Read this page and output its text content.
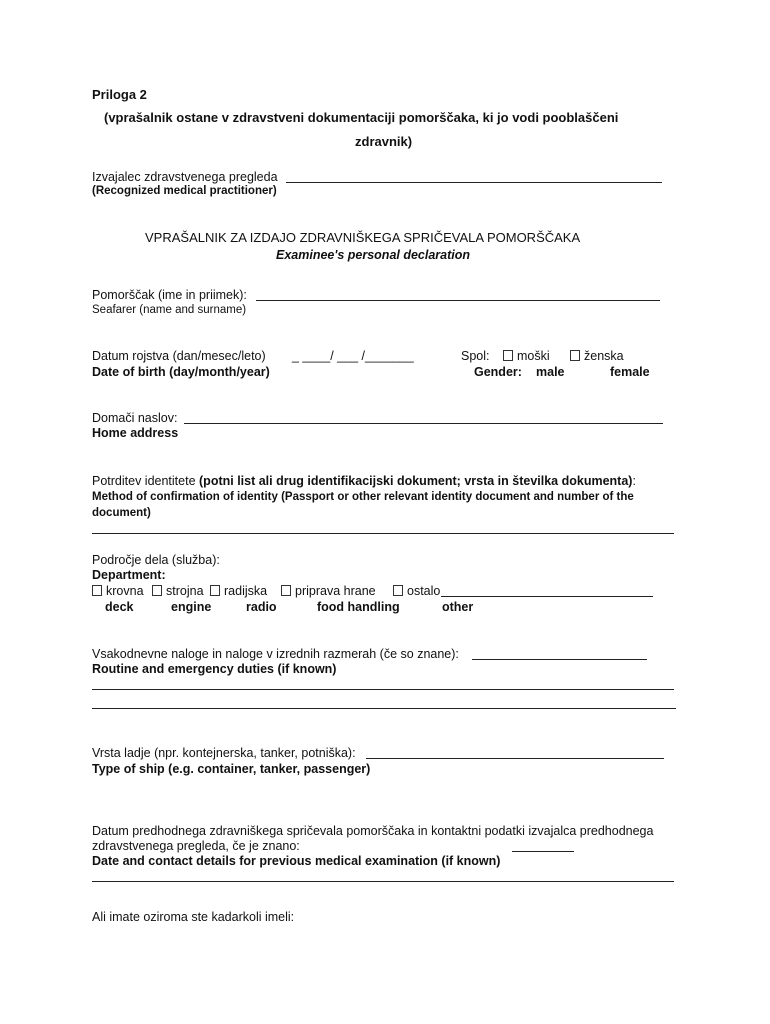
Priloga 2
(vprašalnik ostane v zdravstveni dokumentaciji pomorščaka, ki jo vodi pooblaščeni
zdravnik)
Izvajalec zdravstvenega pregleda
(Recognized medical practitioner)
VPRAŠALNIK ZA IZDAJO ZDRAVNIŠKEGA SPRIČEVALA POMORŠČAKA
Examinee's personal declaration
Pomorščak (ime in priimek):
Seafarer (name and surname)
Datum rojstva (dan/mesec/leto) _ ____/ ___ /_______	Spol:	moški	ženska
Date of birth (day/month/year)	Gender: male	female
Domači naslov:
Home address
Potrditev identitete (potni list ali drug identifikacijski dokument; vrsta in številka dokumenta):
Method of confirmation of identity (Passport or other relevant identity document and number of the
document)
Področje dela (služba):
Department:
krovna	strojna	radijska	priprava hrane	ostalo
deck	engine	radio	food handling	other
Vsakodnevne naloge in naloge v izrednih razmerah (če so znane):
Routine and emergency duties (if known)
Vrsta ladje (npr. kontejnerska, tanker, potniška):
Type of ship (e.g. container, tanker, passenger)
Datum predhodnega zdravniškega spričevala pomorščaka in kontaktni podatki izvajalca predhodnega
zdravstvenega pregleda, če je znano:
Date and contact details for previous medical examination (if known)
Ali imate oziroma ste kadarkoli imeli:
